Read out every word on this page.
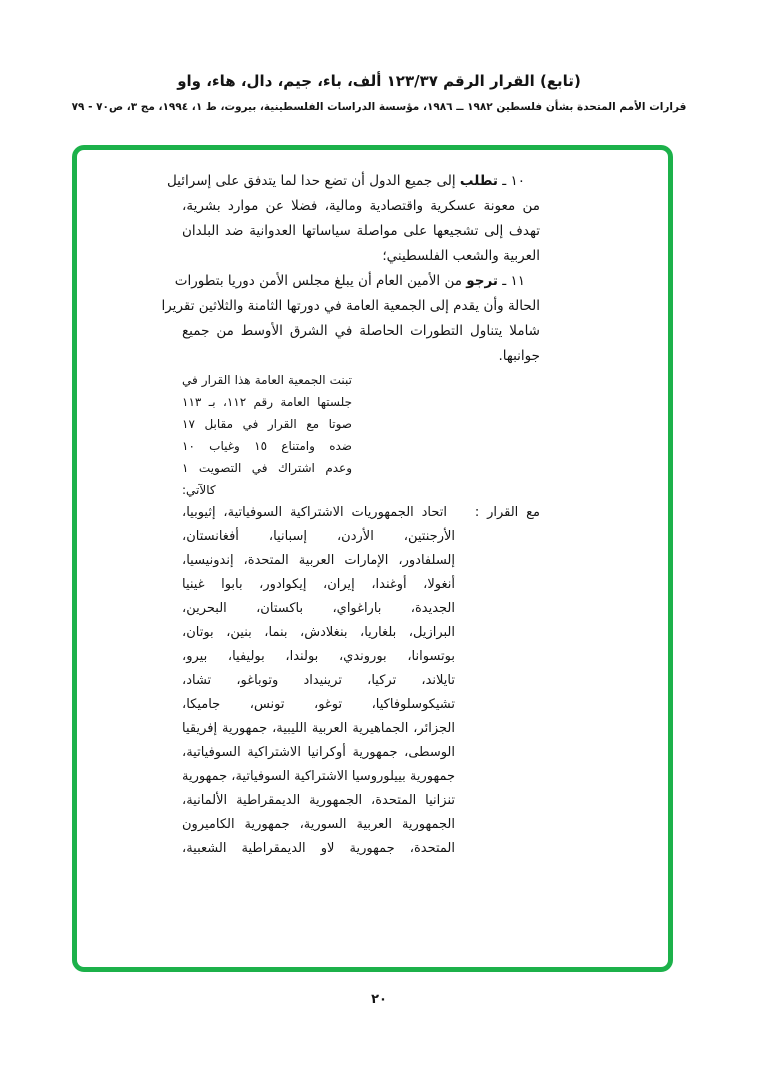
(تابع) القرار الرقم ١٢٣/٣٧ ألف، باء، جيم، دال، هاء، واو
قرارات الأمم المتحدة بشأن فلسطين ١٩٨٢ ــ ١٩٨٦، مؤسسة الدراسات الفلسطينية، بيروت، ط ١، ١٩٩٤، مج ٣، ص٧٠ - ٧٩
١٠ ـ تطلب إلى جميع الدول أن تضع حدا لما يتدفق على إسرائيل
من معونة عسكرية واقتصادية ومالية، فضلا عن موارد بشرية،
تهدف إلى تشجيعها على مواصلة سياساتها العدوانية ضد البلدان
العربية والشعب الفلسطيني؛
١١ ـ ترجو من الأمين العام أن يبلغ مجلس الأمن دوريا بتطورات
الحالة وأن يقدم إلى الجمعية العامة في دورتها الثامنة والثلاثين تقريرا
شاملا يتناول التطورات الحاصلة في الشرق الأوسط من جميع
جوانبها.
تبنت الجمعية العامة هذا القرار في
جلستها العامة رقم ١١٢، بـ ١١٣
صوتا مع القرار في مقابل ١٧
ضده وامتناع ١٥ وغياب ١٠
وعدم اشتراك في التصويت ١
كالآتي:
مع القرار : اتحاد الجمهوريات الاشتراكية السوفياتية، إثيوبيا،
الأرجنتين، الأردن، إسبانيا، أفغانستان،
إلسلفادور، الإمارات العربية المتحدة، إندونيسيا،
أنغولا، أوغندا، إيران، إيكوادور، بابوا غينيا
الجديدة، باراغواي، باكستان، البحرين،
البرازيل، بلغاريا، بنغلادش، بنما، بنين، بوتان،
بوتسوانا، بوروندي، بولندا، بوليفيا، بيرو،
تايلاند، تركيا، ترينيداد وتوباغو، تشاد،
تشيكوسلوفاكيا، توغو، تونس، جاميكا،
الجزائر، الجماهيرية العربية الليبية، جمهورية إفريقيا
الوسطى، جمهورية أوكرانيا الاشتراكية السوفياتية،
جمهورية بييلوروسيا الاشتراكية السوفياتية، جمهورية
تنزانيا المتحدة، الجمهورية الديمقراطية الألمانية،
الجمهورية العربية السورية، جمهورية الكاميرون
المتحدة، جمهورية لاو الديمقراطية الشعبية،
٢٠
